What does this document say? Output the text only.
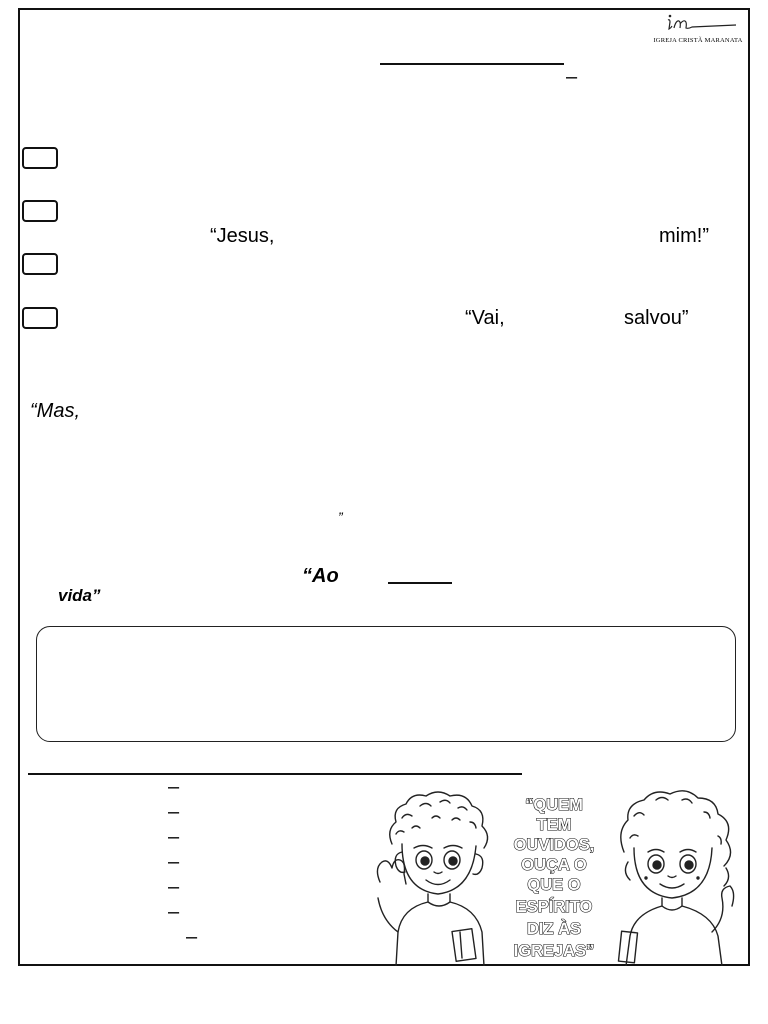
IGREJA CRISTÃ MARANATA
–
“Jesus,	mim!”
“Vai,	salvou”
“Mas,
”
“Ao
vida”
–
–
–
–
–
–
–
“QUEM
TEM
OUVIDOS,
OUÇA O
QUE O
ESPÍRITO
DIZ ÀS
IGREJAS”
